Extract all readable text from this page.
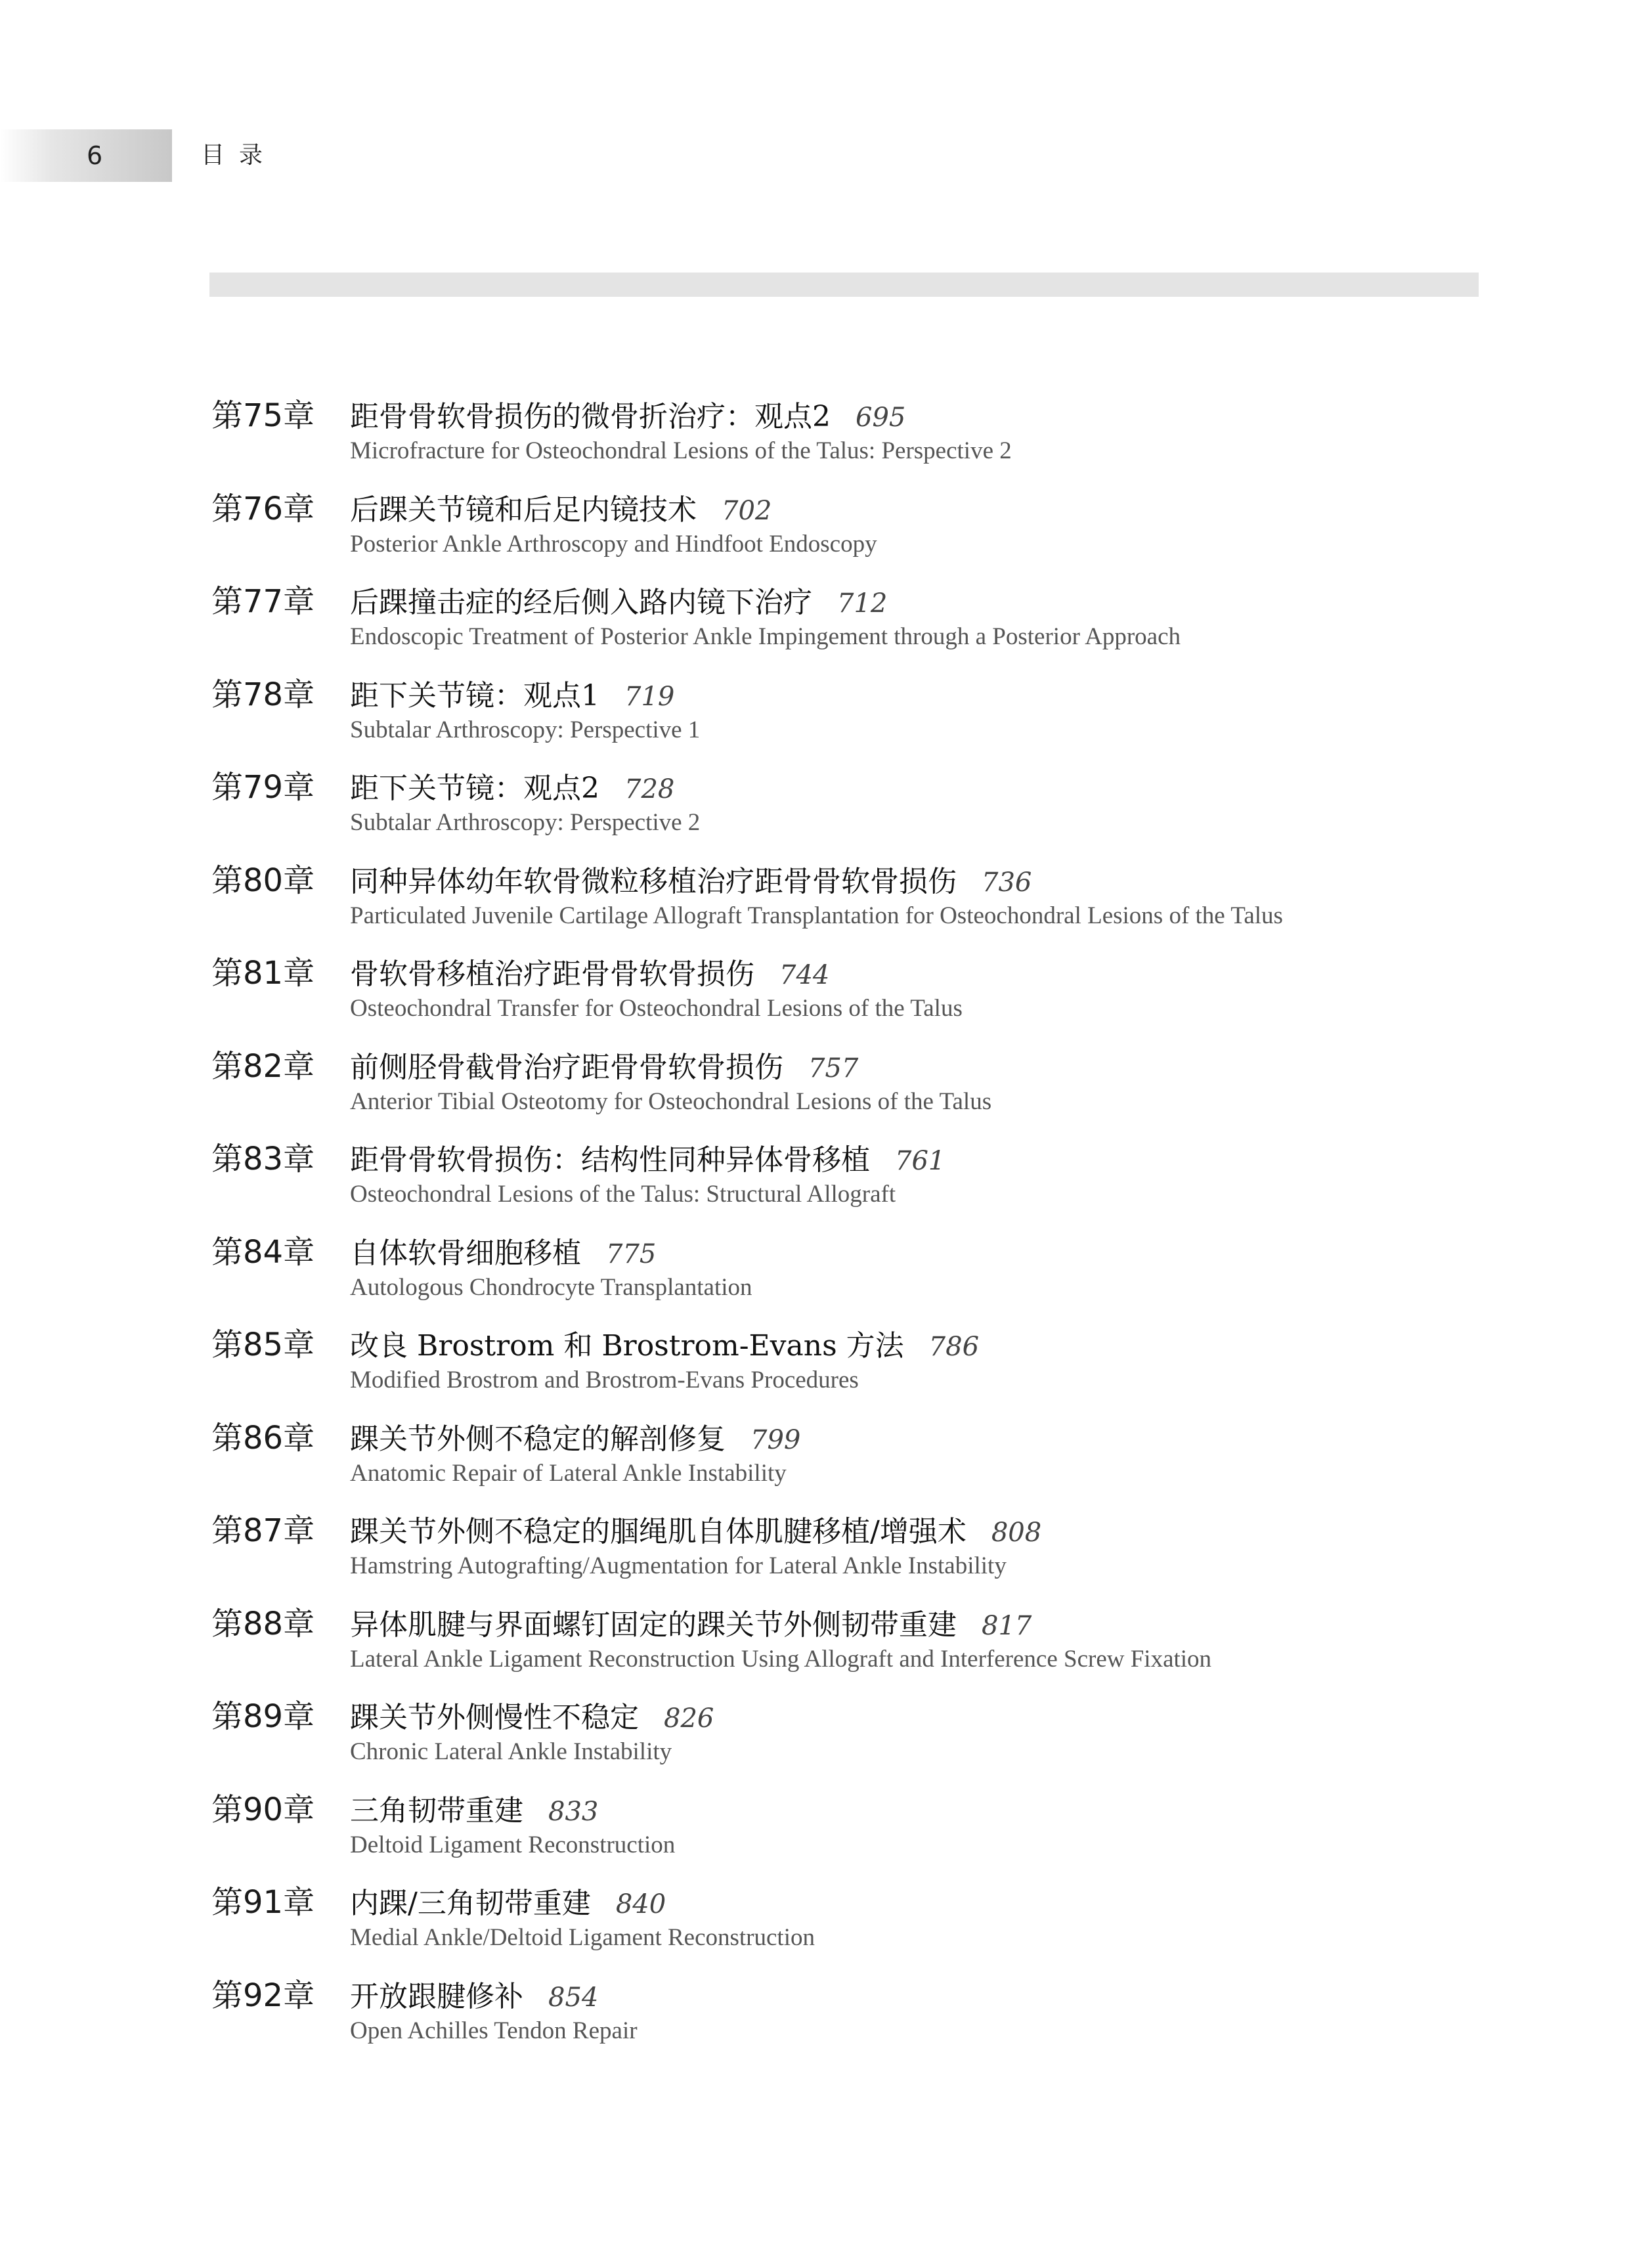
6	目录
第75章 距骨骨软骨损伤的微骨折治疗：观点2 695
Microfracture for Osteochondral Lesions of the Talus: Perspective 2
第76章 后踝关节镜和后足内镜技术 702
Posterior Ankle Arthroscopy and Hindfoot Endoscopy
第77章 后踝撞击症的经后侧入路内镜下治疗 712
Endoscopic Treatment of Posterior Ankle Impingement through a Posterior Approach
第78章 距下关节镜：观点1 719
Subtalar Arthroscopy: Perspective 1
第79章 距下关节镜：观点2 728
Subtalar Arthroscopy: Perspective 2
第80章 同种异体幼年软骨微粒移植治疗距骨骨软骨损伤 736
Particulated Juvenile Cartilage Allograft Transplantation for Osteochondral Lesions of the Talus
第81章 骨软骨移植治疗距骨骨软骨损伤 744
Osteochondral Transfer for Osteochondral Lesions of the Talus
第82章 前侧胫骨截骨治疗距骨骨软骨损伤 757
Anterior Tibial Osteotomy for Osteochondral Lesions of the Talus
第83章 距骨骨软骨损伤：结构性同种异体骨移植 761
Osteochondral Lesions of the Talus: Structural Allograft
第84章 自体软骨细胞移植 775
Autologous Chondrocyte Transplantation
第85章 改良 Brostrom 和 Brostrom-Evans 方法 786
Modified Brostrom and Brostrom-Evans Procedures
第86章 踝关节外侧不稳定的解剖修复 799
Anatomic Repair of Lateral Ankle Instability
第87章 踝关节外侧不稳定的腘绳肌自体肌腱移植/增强术 808
Hamstring Autografting/Augmentation for Lateral Ankle Instability
第88章 异体肌腱与界面螺钉固定的踝关节外侧韧带重建 817
Lateral Ankle Ligament Reconstruction Using Allograft and Interference Screw Fixation
第89章 踝关节外侧慢性不稳定 826
Chronic Lateral Ankle Instability
第90章 三角韧带重建 833
Deltoid Ligament Reconstruction
第91章 内踝/三角韧带重建 840
Medial Ankle/Deltoid Ligament Reconstruction
第92章 开放跟腱修补 854
Open Achilles Tendon Repair
